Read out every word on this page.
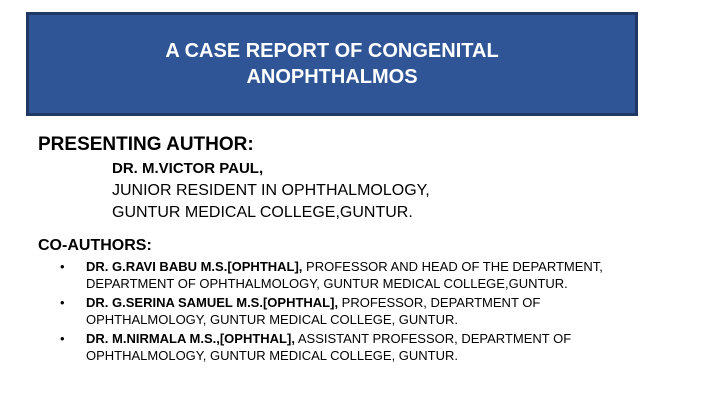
A CASE REPORT OF CONGENITAL
ANOPHTHALMOS
PRESENTING AUTHOR:
DR. M.VICTOR PAUL,
JUNIOR RESIDENT IN OPHTHALMOLOGY,
GUNTUR MEDICAL COLLEGE,GUNTUR.
CO-AUTHORS:
• DR. G.RAVI BABU M.S.[OPHTHAL], PROFESSOR AND HEAD OF THE DEPARTMENT,
DEPARTMENT OF OPHTHALMOLOGY, GUNTUR MEDICAL COLLEGE,GUNTUR.
• DR. G.SERINA SAMUEL M.S.[OPHTHAL], PROFESSOR, DEPARTMENT OF
OPHTHALMOLOGY, GUNTUR MEDICAL COLLEGE, GUNTUR.
• DR. M.NIRMALA M.S.,[OPHTHAL], ASSISTANT PROFESSOR, DEPARTMENT OF
OPHTHALMOLOGY, GUNTUR MEDICAL COLLEGE, GUNTUR.
